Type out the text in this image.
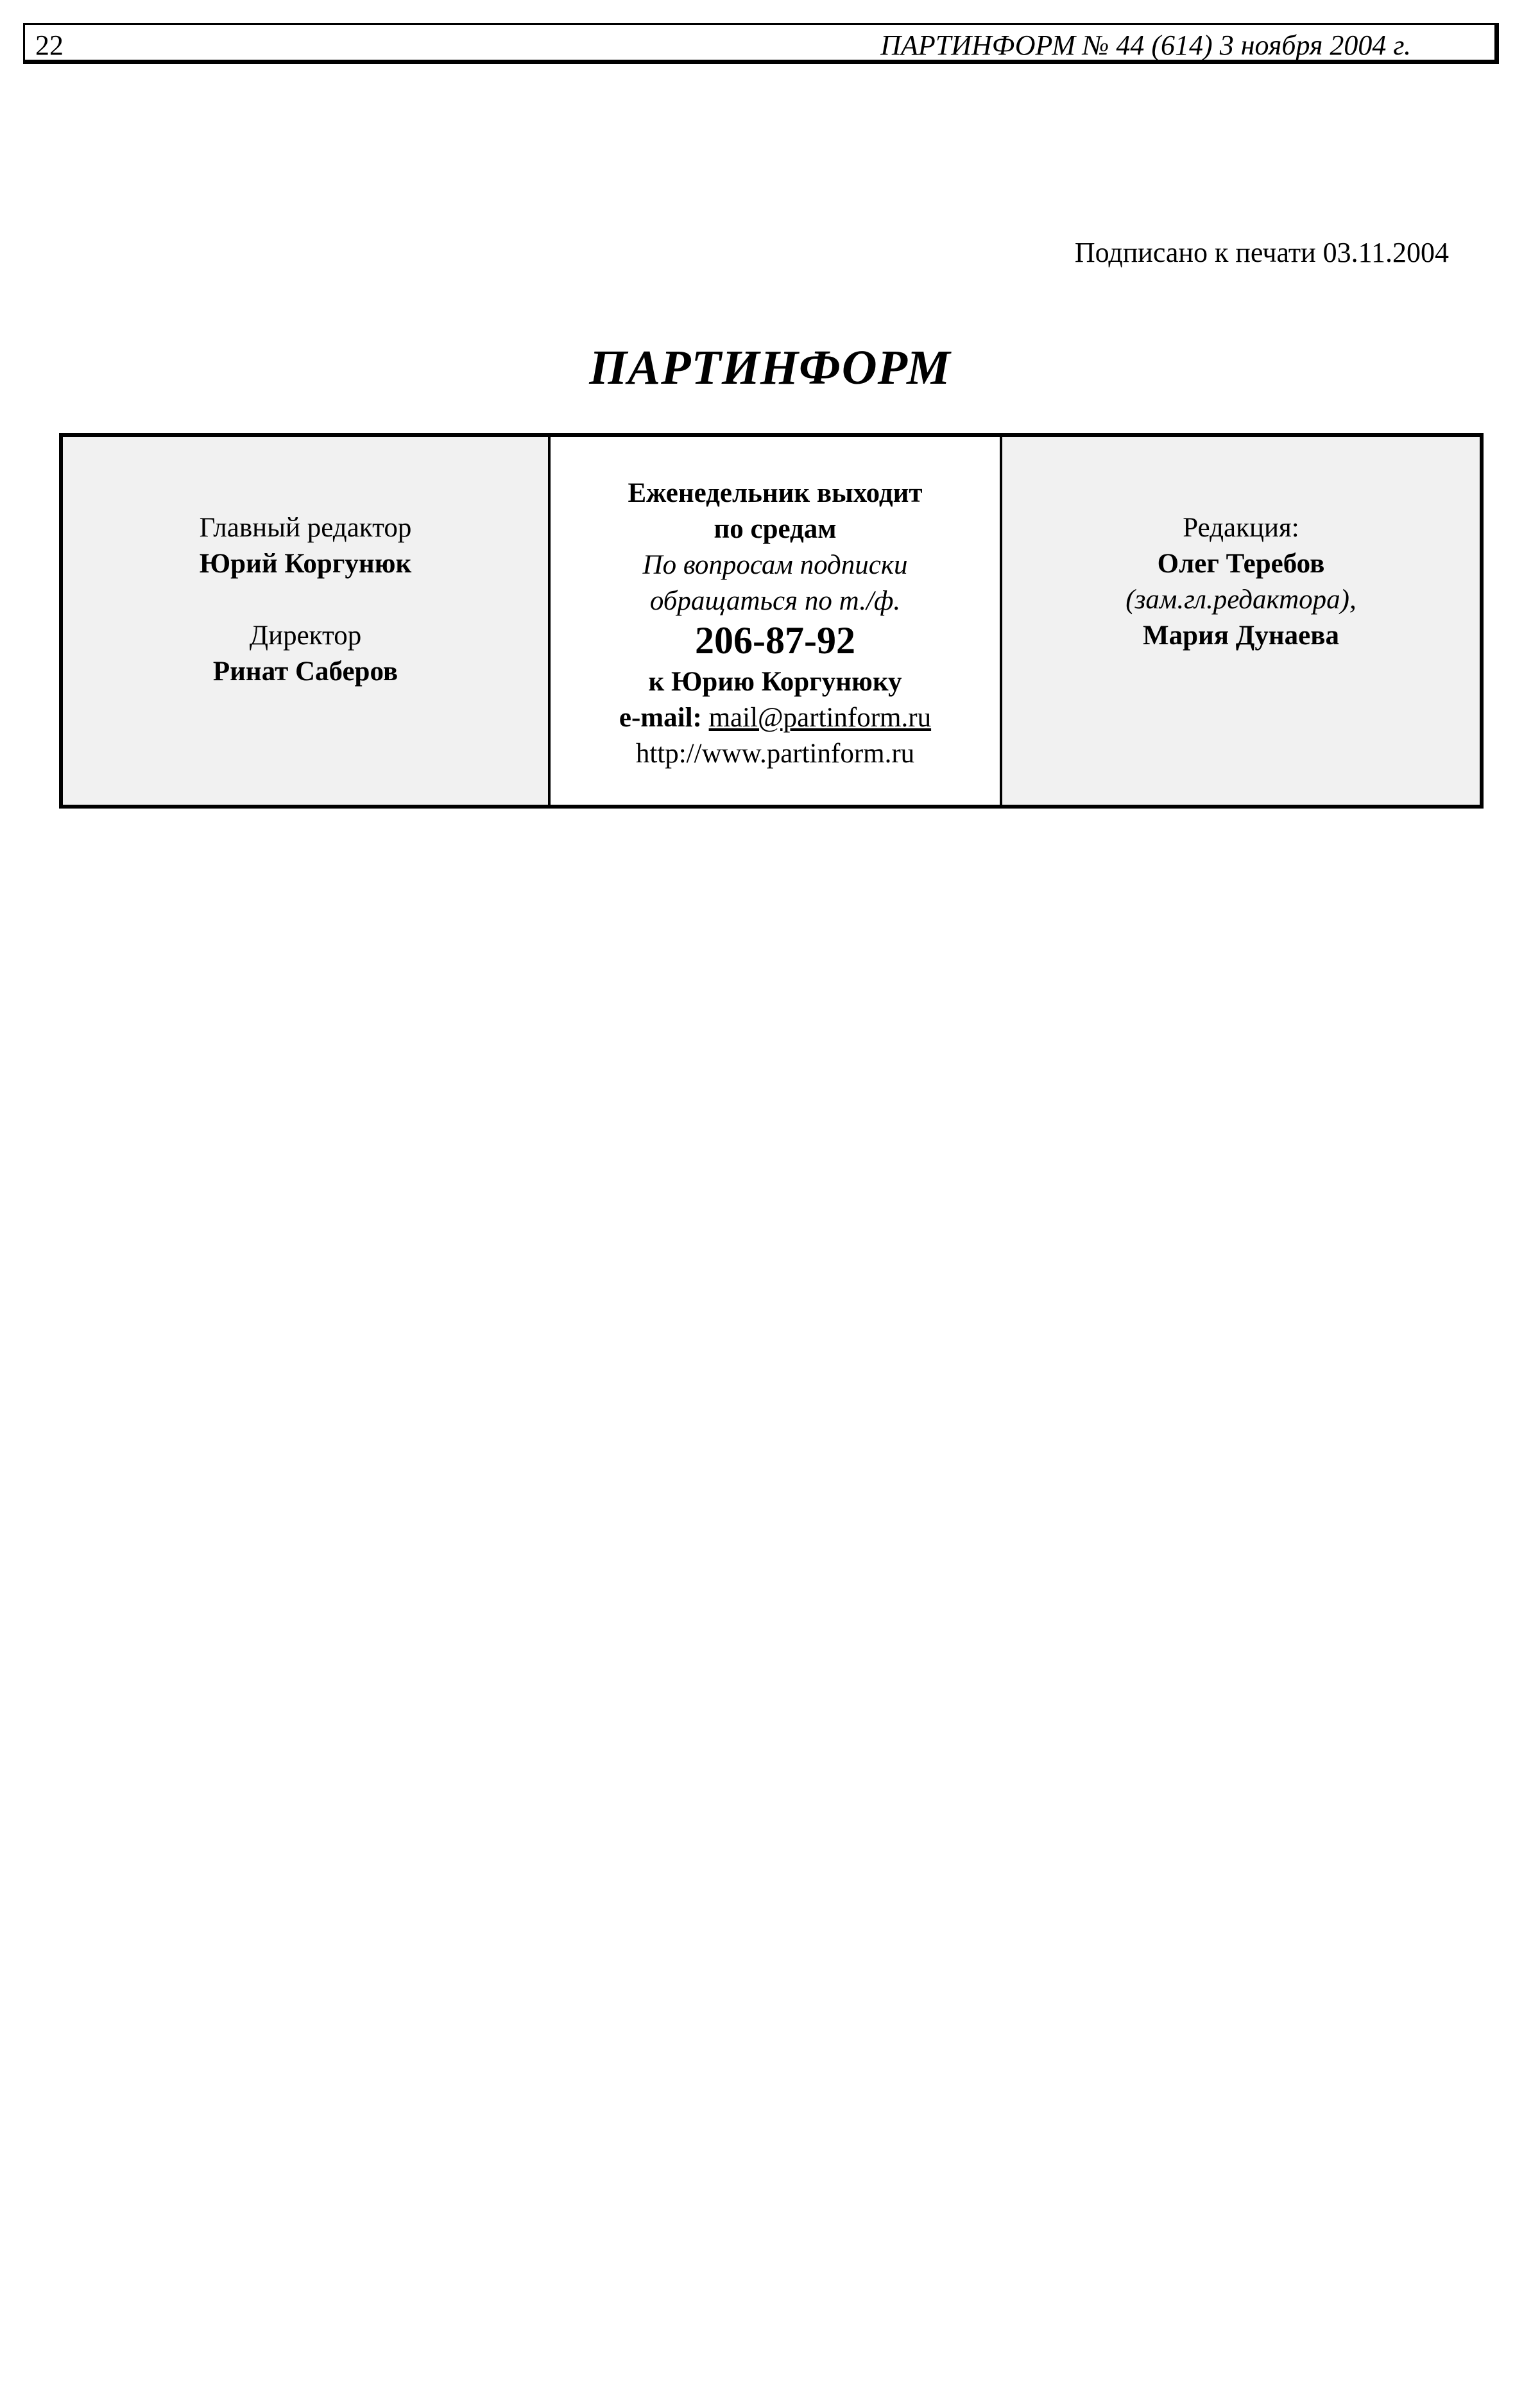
22	ПАРТИНФОРМ № 44 (614) 3 ноября 2004 г.
Подписано к печати 03.11.2004
ПАРТИНФОРМ
Главный редактор
Юрий Коргунюк
Директор
Ринат Саберов
Еженедельник выходит
по средам
По вопросам подписки
обращаться по т./ф.
206-87-92
к Юрию Коргунюку
e-mail: mail@partinform.ru
http://www.partinform.ru
Редакция:
Олег Теребов
(зам.гл.редактора),
Мария Дунаева
